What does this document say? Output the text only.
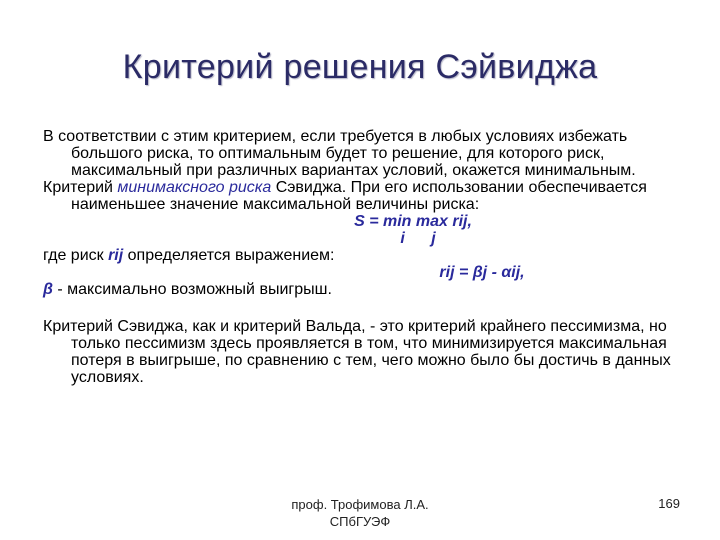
Критерий решения Сэйвиджа

В соответствии с этим критерием, если требуется в любых условиях избежать большого риска, то оптимальным будет то решение, для которого риск, максимальный при различных вариантах условий, окажется минимальным.

Критерий минимаксного риска Сэвиджа. При его использовании обеспечивается наименьшее значение максимальной величины риска:

S = min max rij,

i j

где риск rij определяется выражением:

rij = βj - αij,

β - максимально возможный выигрыш.

Критерий Сэвиджа, как и критерий Вальда, - это критерий крайнего пессимизма, но только пессимизм здесь проявляется в том, что минимизируется максимальная потеря в выигрыше, по сравнению с тем, чего можно было бы достичь в данных условиях.

проф. Трофимова Л.А.
СПбГУЭФ
169
